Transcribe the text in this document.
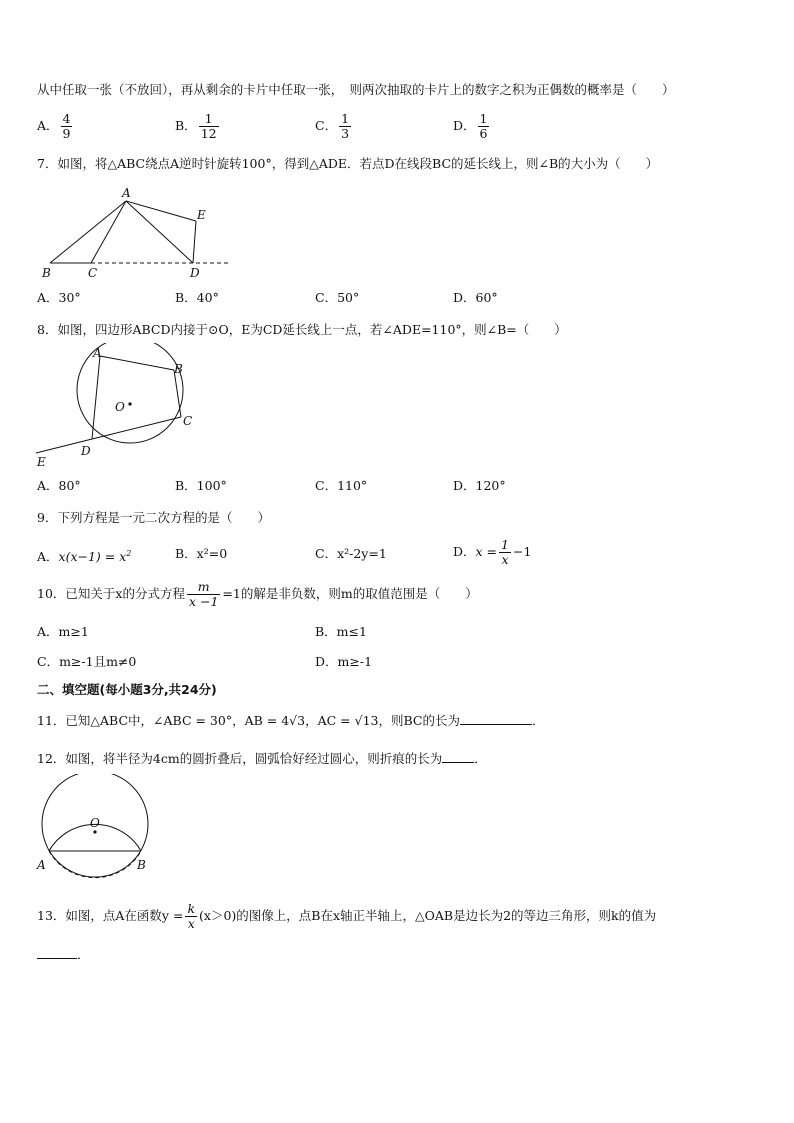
从中任取一张（不放回），再从剩余的卡片中任取一张，　则两次抽取的卡片上的数字之积为正偶数的概率是（　　）
A． $\frac{4}{9}$	B． $\frac{1}{12}$	C． $\frac{1}{3}$	D． $\frac{1}{6}$
7．如图，将△ABC绕点A逆时针旋转100°，得到△ADE．若点D在线段BC的延长线上，则∠B的大小为（　　）
A
B	C	D
E
A．30°	B．40°	C．50°	D．60°
8．如图，四边形ABCD内接于⊙O，E为CD延长线上一点，若∠ADE=110°，则∠B=（　　）
A
B
C
D
E
O
A．80°	B．100°	C．110°	D．120°
9．下列方程是一元二次方程的是（　　）
A．$x(x-1) = x^2$	B．x²=0	C．x²-2y=1	D．$x = \frac{1}{x} -1$
10．已知关于x的分式方程 $\frac{m}{x -1} =1$的解是非负数，则m的取值范围是（　　）
A．m≥1	B．m≤1
C．m≥-1且m≠0	D．m≥-1
二、填空题(每小题3分,共24分)
11．已知△ABC中，∠ABC = 30°，AB = 4√3，AC = √13，则BC的长为	．
12．如图，将半径为4cm的圆折叠后，圆弧恰好经过圆心，则折痕的长为	．
O
A	B
13．如图，点A在函数$y = \frac{k}{x} (x>0)$的图像上，点B在x轴正半轴上，△OAB是边长为2的等边三角形，则k的值为
．
